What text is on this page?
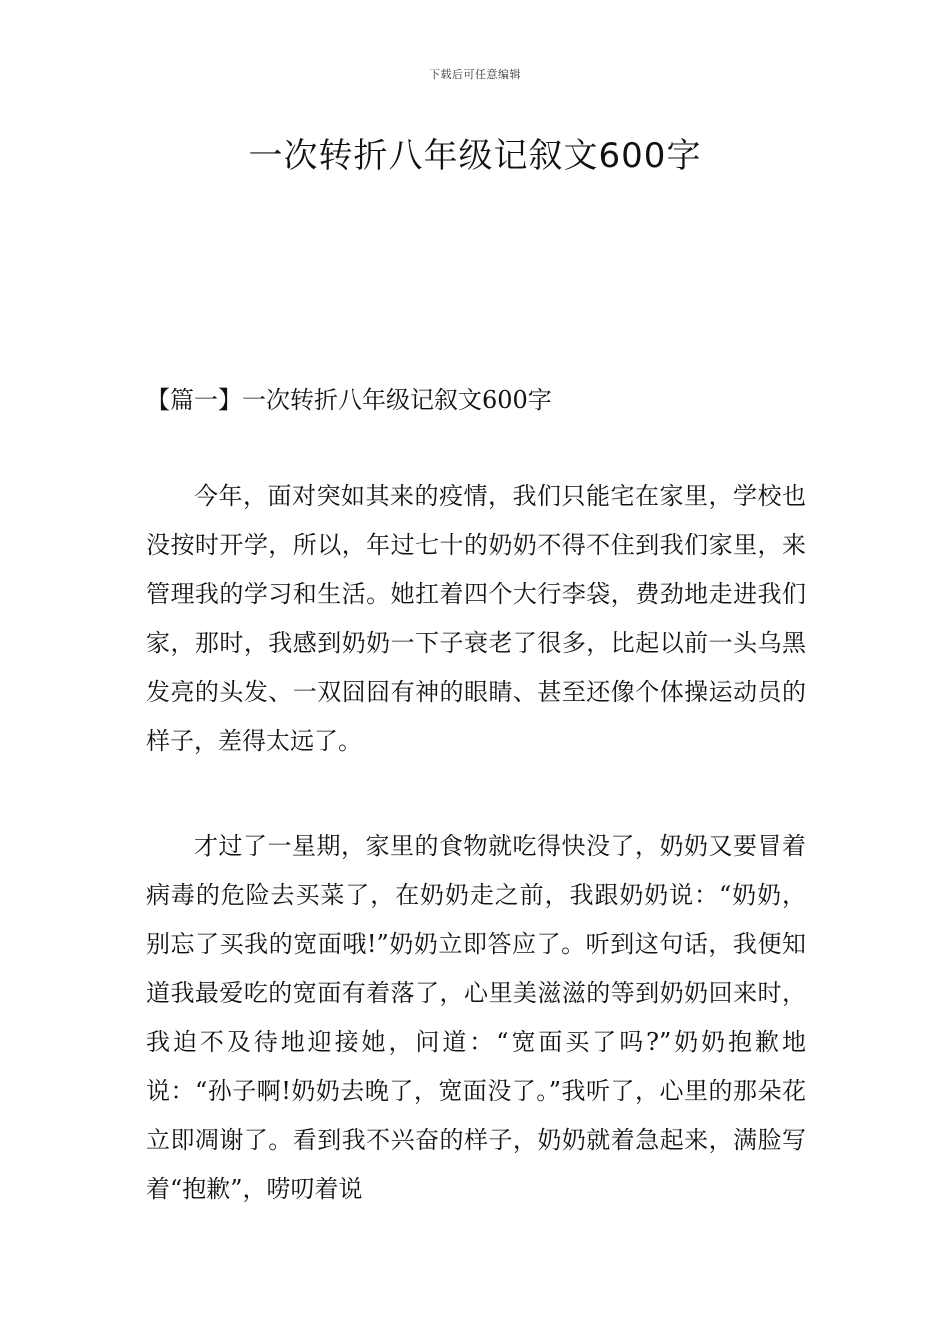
下载后可任意编辑
一次转折八年级记叙文600字
【篇一】一次转折八年级记叙文600字

今年，面对突如其来的疫情，我们只能宅在家里，学校也没按时开学，所以，年过七十的奶奶不得不住到我们家里，来管理我的学习和生活。她扛着四个大行李袋，费劲地走进我们家，那时，我感到奶奶一下子衰老了很多，比起以前一头乌黑发亮的头发、一双囧囧有神的眼睛、甚至还像个体操运动员的样子，差得太远了。

才过了一星期，家里的食物就吃得快没了，奶奶又要冒着病毒的危险去买菜了，在奶奶走之前，我跟奶奶说：“奶奶，别忘了买我的宽面哦!”奶奶立即答应了。听到这句话，我便知道我最爱吃的宽面有着落了，心里美滋滋的等到奶奶回来时，我迫不及待地迎接她，问道：“宽面买了吗?”奶奶抱歉地说：“孙子啊!奶奶去晚了，宽面没了。”我听了，心里的那朵花立即凋谢了。看到我不兴奋的样子，奶奶就着急起来，满脸写着“抱歉”，唠叨着说
